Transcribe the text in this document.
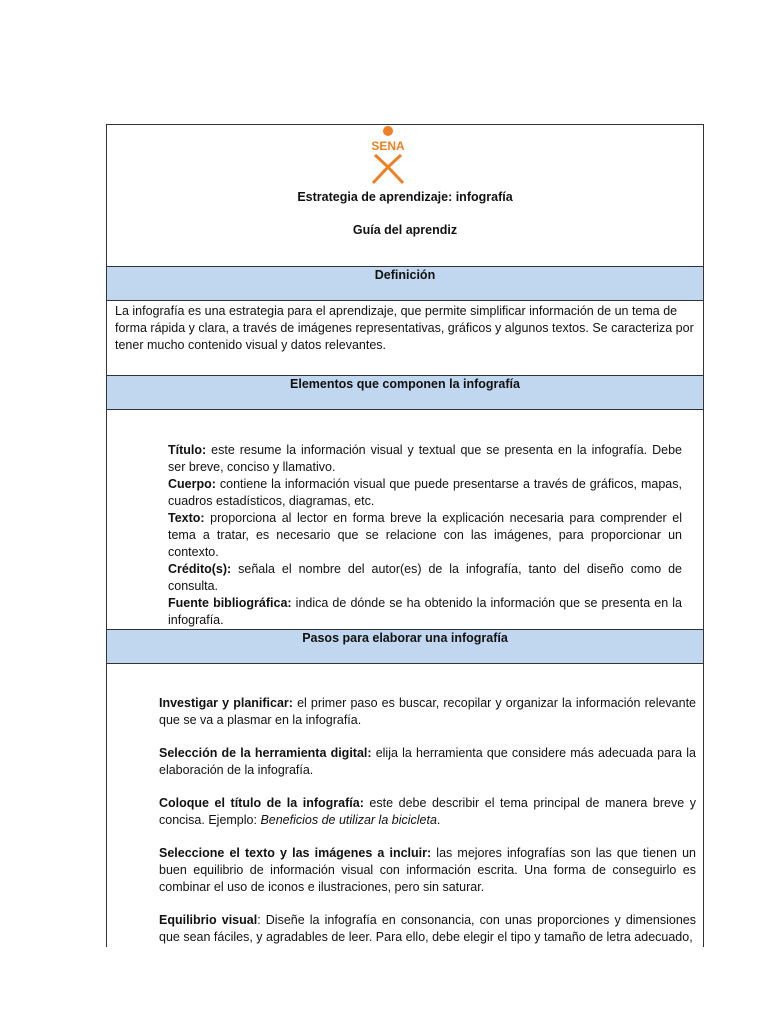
SENA
Estrategia de aprendizaje: infografía
Guía del aprendiz
Definición

La infografía es una estrategia para el aprendizaje, que permite simplificar información de un tema de forma rápida y clara, a través de imágenes representativas, gráficos y algunos textos. Se caracteriza por tener mucho contenido visual y datos relevantes.

Elementos que componen la infografía

Título: este resume la información visual y textual que se presenta en la infografía. Debe ser breve, conciso y llamativo.

Cuerpo: contiene la información visual que puede presentarse a través de gráficos, mapas, cuadros estadísticos, diagramas, etc.

Texto: proporciona al lector en forma breve la explicación necesaria para comprender el tema a tratar, es necesario que se relacione con las imágenes, para proporcionar un contexto.

Crédito(s): señala el nombre del autor(es) de la infografía, tanto del diseño como de consulta.

Fuente bibliográfica: indica de dónde se ha obtenido la información que se presenta en la infografía.

Pasos para elaborar una infografía

Investigar y planificar: el primer paso es buscar, recopilar y organizar la información relevante que se va a plasmar en la infografía.

Selección de la herramienta digital: elija la herramienta que considere más adecuada para la elaboración de la infografía.

Coloque el título de la infografía: este debe describir el tema principal de manera breve y concisa. Ejemplo: Beneficios de utilizar la bicicleta.

Seleccione el texto y las imágenes a incluir: las mejores infografías son las que tienen un buen equilibrio de información visual con información escrita. Una forma de conseguirlo es combinar el uso de iconos e ilustraciones, pero sin saturar.

Equilibrio visual: Diseñe la infografía en consonancia, con unas proporciones y dimensiones que sean fáciles, y agradables de leer. Para ello, debe elegir el tipo y tamaño de letra adecuado,
